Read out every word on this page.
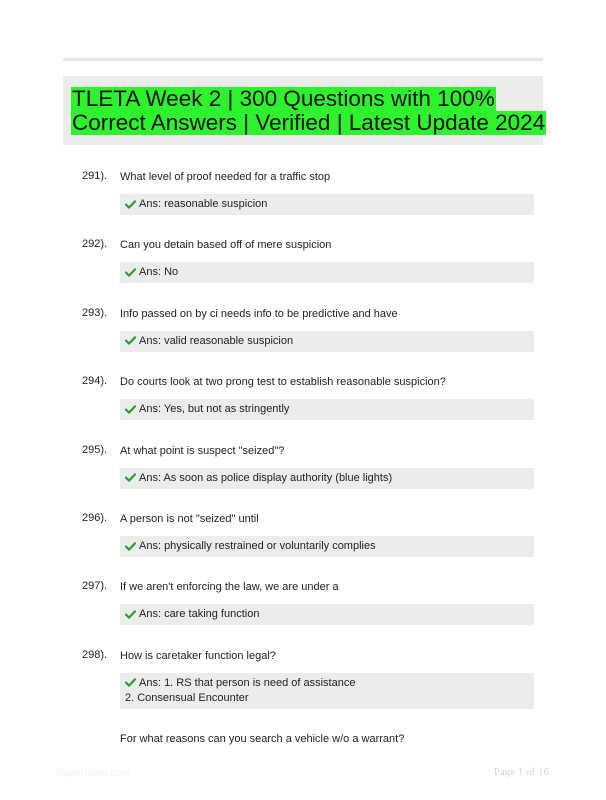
TLETA Week 2 | 300 Questions with 100%
Correct Answers | Verified | Latest Update 2024
291). What level of proof needed for a traffic stop
Ans: reasonable suspicion
292). Can you detain based off of mere suspicion
Ans: No
293). Info passed on by ci needs info to be predictive and have
Ans: valid reasonable suspicion
294). Do courts look at two prong test to establish reasonable suspicion?
Ans: Yes, but not as stringently
295). At what point is suspect "seized"?
Ans: As soon as police display authority (blue lights)
296). A person is not "seized" until
Ans: physically restrained or voluntarily complies
297). If we aren't enforcing the law, we are under a
Ans: care taking function
298). How is caretaker function legal?
Ans: 1. RS that person is need of assistance
2. Consensual Encounter
For what reasons can you search a vehicle w/o a warrant?
PaperStore.com	Page 1 of 16
